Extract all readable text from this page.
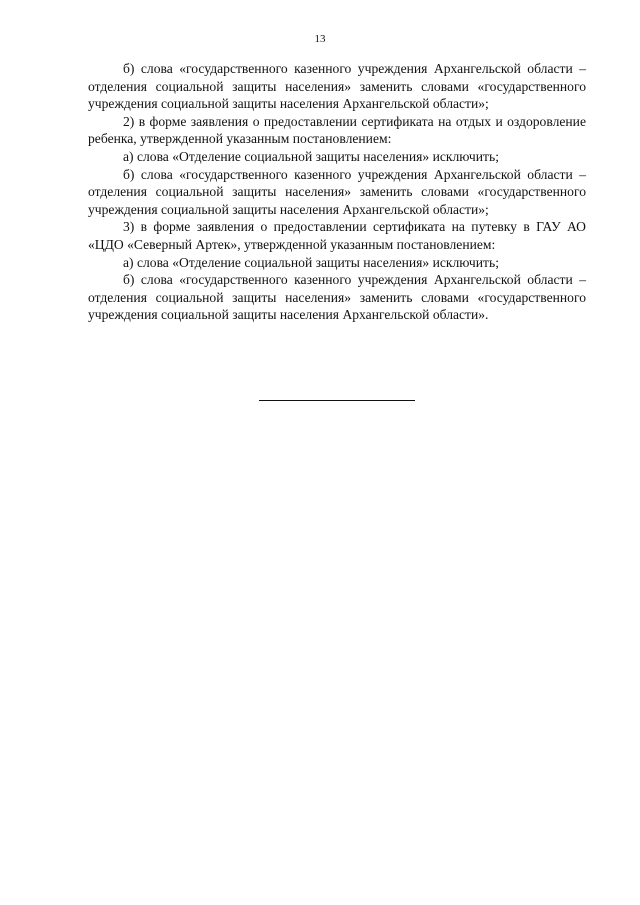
13

б) слова «государственного казенного учреждения Архангельской области – отделения социальной защиты населения» заменить словами «государственного учреждения социальной защиты населения Архангельской области»;

2) в форме заявления о предоставлении сертификата на отдых и оздоровление ребенка, утвержденной указанным постановлением:

а) слова «Отделение социальной защиты населения» исключить;

б) слова «государственного казенного учреждения Архангельской области – отделения социальной защиты населения» заменить словами «государственного учреждения социальной защиты населения Архангельской области»;

3) в форме заявления о предоставлении сертификата на путевку в ГАУ АО «ЦДО «Северный Артек», утвержденной указанным постановлением:

а) слова «Отделение социальной защиты населения» исключить;

б) слова «государственного казенного учреждения Архангельской области – отделения социальной защиты населения» заменить словами «государственного учреждения социальной защиты населения Архангельской области».
